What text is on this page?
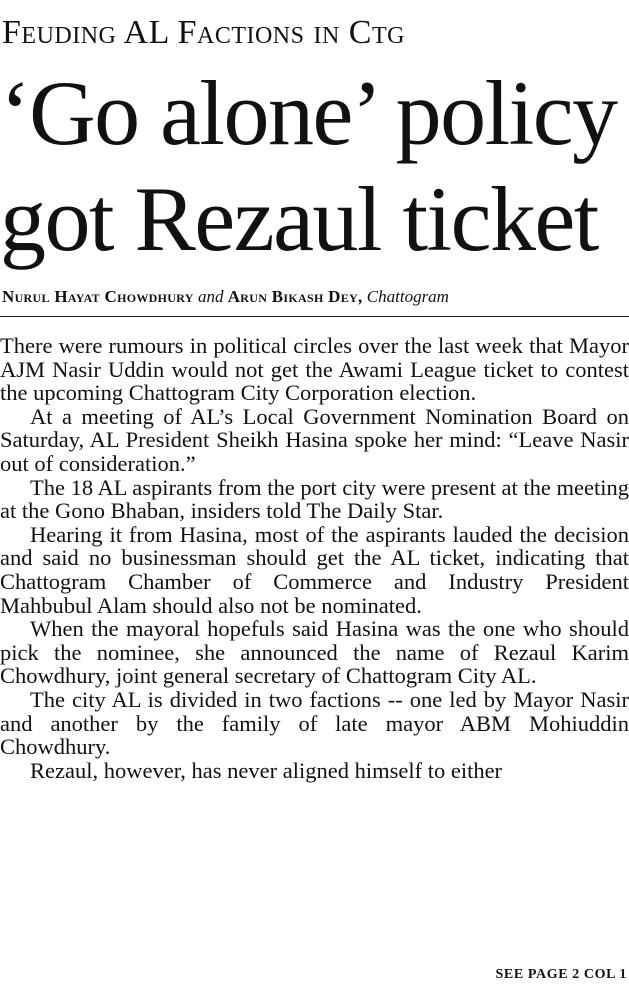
Feuding AL Factions in Ctg
‘Go alone’ policy
got Rezaul ticket
Nurul Hayat Chowdhury and Arun Bikash Dey, Chattogram

There were rumours in political circles over the last week that Mayor AJM Nasir Uddin would not get the Awami League ticket to contest the upcoming Chattogram City Corporation election.

At a meeting of AL’s Local Government Nomination Board on Saturday, AL President Sheikh Hasina spoke her mind: “Leave Nasir out of consideration.”

The 18 AL aspirants from the port city were present at the meeting at the Gono Bhaban, insiders told The Daily Star.

Hearing it from Hasina, most of the aspirants lauded the decision and said no businessman should get the AL ticket, indicating that Chattogram Chamber of Commerce and Industry President Mahbubul Alam should also not be nominated.

When the mayoral hopefuls said Hasina was the one who should pick the nominee, she announced the name of Rezaul Karim Chowdhury, joint general secretary of Chattogram City AL.

The city AL is divided in two factions -- one led by Mayor Nasir and another by the family of late mayor ABM Mohiuddin Chowdhury.

Rezaul, however, has never aligned himself to either

SEE PAGE 2 COL 1
